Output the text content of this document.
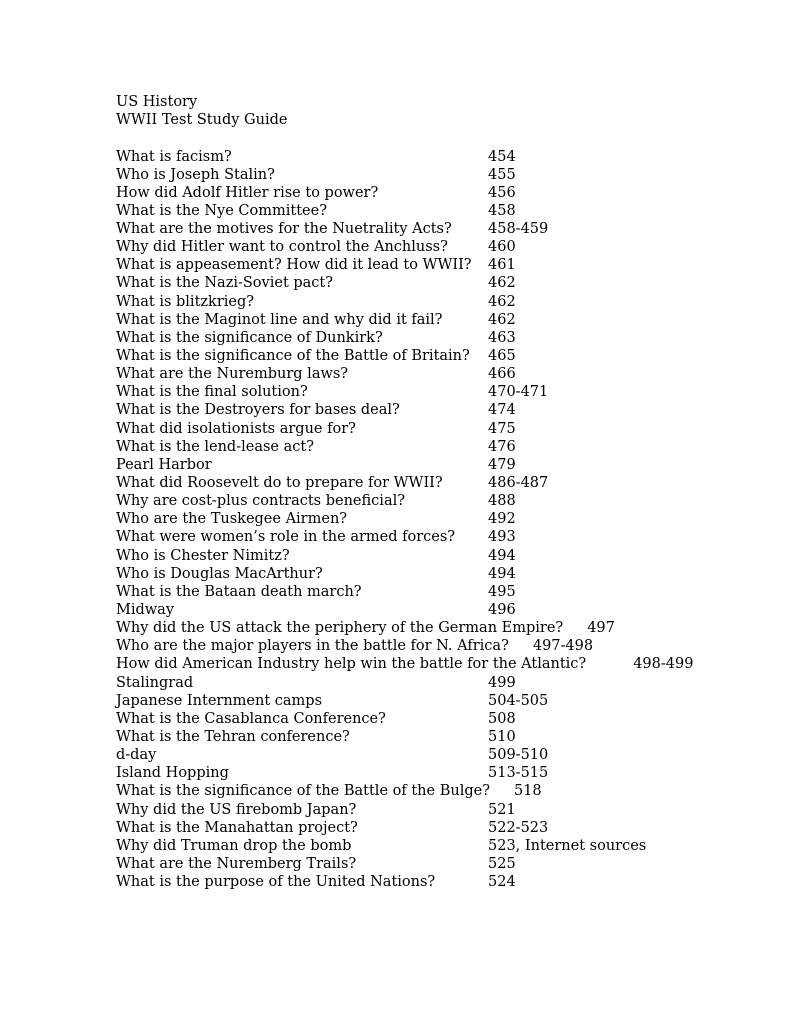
US History
WWII Test Study Guide
What is facism?	454
Who is Joseph Stalin?	455
How did Adolf Hitler rise to power?	456
What is the Nye Committee?	458
What are the motives for the Nuetrality Acts? 458-459
Why did Hitler want to control the Anchluss?	460
What is appeasement? How did it lead to WWII? 461
What is the Nazi-Soviet pact?	462
What is blitzkrieg?	462
What is the Maginot line and why did it fail?	462
What is the significance of Dunkirk?	463
What is the significance of the Battle of Britain? 465
What are the Nuremburg laws?	466
What is the final solution?	470-471
What is the Destroyers for bases deal?	474
What did isolationists argue for?	475
What is the lend-lease act?	476
Pearl Harbor	479
What did Roosevelt do to prepare for WWII?	486-487
Why are cost-plus contracts beneficial?	488
Who are the Tuskegee Airmen?	492
What were women’s role in the armed forces? 493
Who is Chester Nimitz?	494
Who is Douglas MacArthur?	494
What is the Bataan death march?	495
Midway	496
Why did the US attack the periphery of the German Empire? 497
Who are the major players in the battle for N. Africa? 497-498
How did American Industry help win the battle for the Atlantic?	498-499
Stalingrad	499
Japanese Internment camps	504-505
What is the Casablanca Conference?	508
What is the Tehran conference?	510
d-day	509-510
Island Hopping	513-515
What is the significance of the Battle of the Bulge? 518
Why did the US firebomb Japan?	521
What is the Manahattan project?	522-523
Why did Truman drop the bomb	523, Internet sources
What are the Nuremberg Trails?	525
What is the purpose of the United Nations?	524
